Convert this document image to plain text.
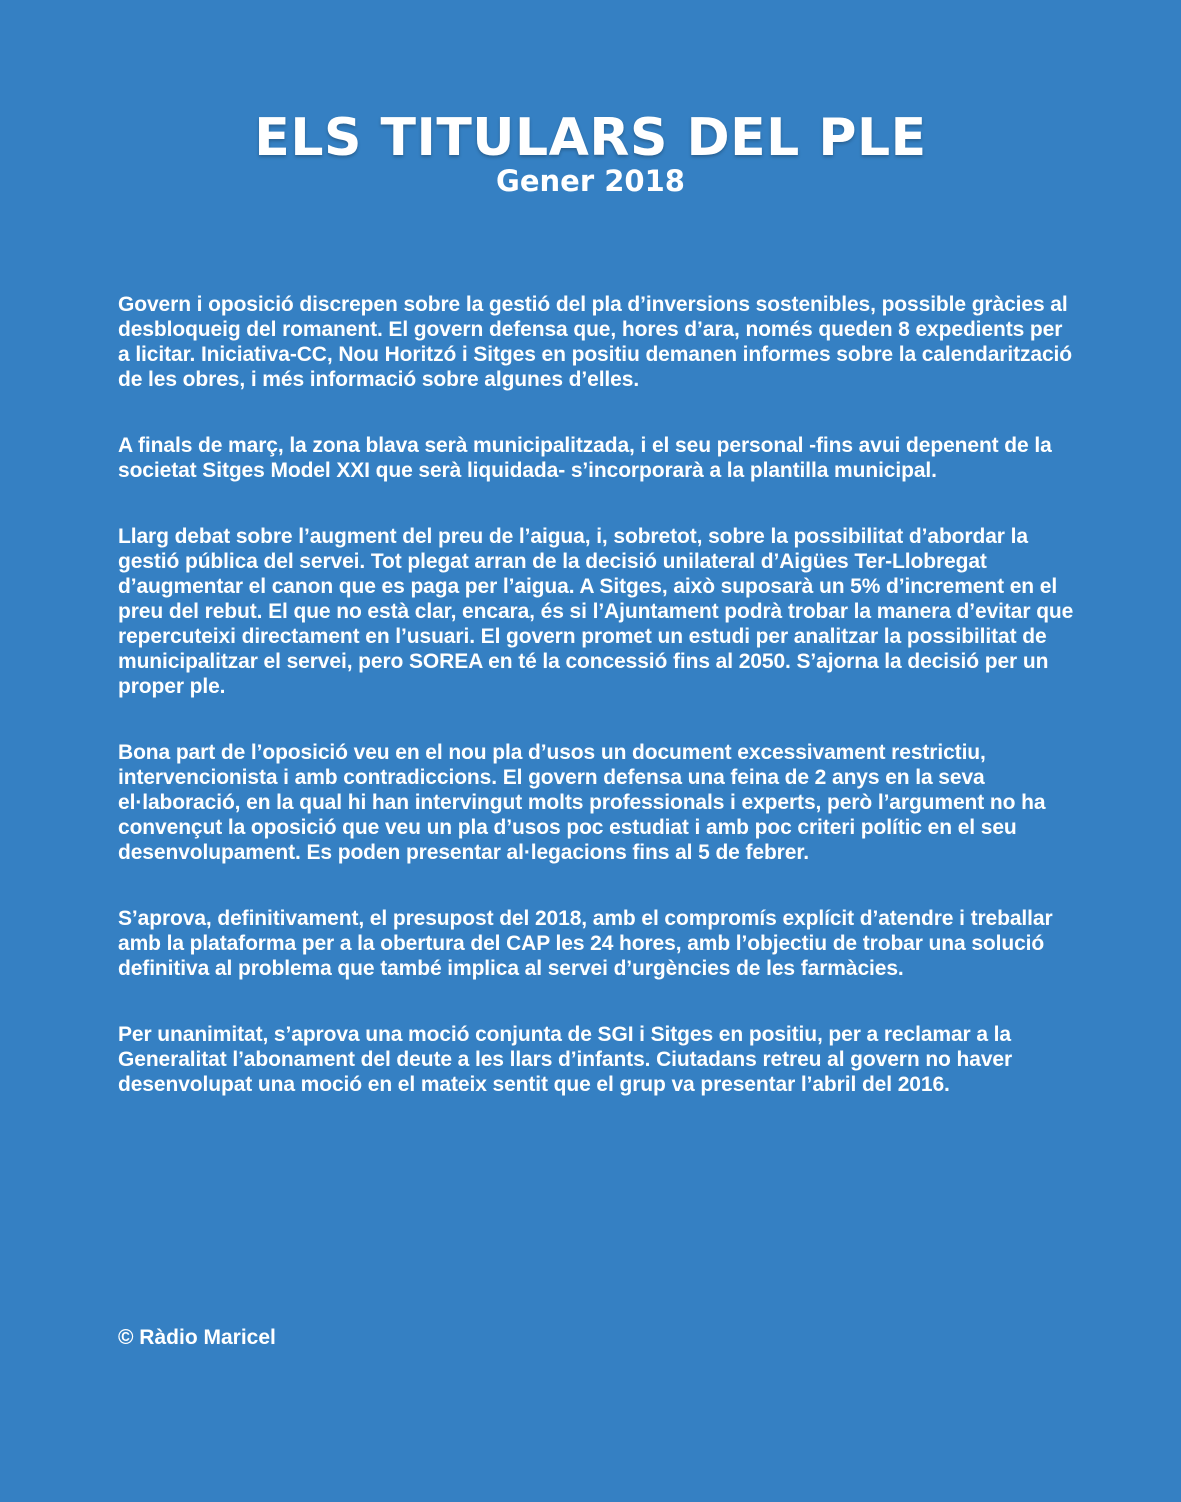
ELS TITULARS DEL PLE
Gener 2018

Govern i oposició discrepen sobre la gestió del pla d’inversions sostenibles, possible gràcies al desbloqueig del romanent. El govern defensa que, hores d’ara, només queden 8 expedients per a licitar. Iniciativa-CC, Nou Horitzó i Sitges en positiu demanen informes sobre la calendarització de les obres, i més informació sobre algunes d’elles.

A finals de març, la zona blava serà municipalitzada, i el seu personal -fins avui depenent de la societat Sitges Model XXI que serà liquidada- s’incorporarà a la plantilla municipal.

Llarg debat sobre l’augment del preu de l’aigua, i, sobretot, sobre la possibilitat d’abordar la gestió pública del servei. Tot plegat arran de la decisió unilateral d’Aigües Ter-Llobregat d’augmentar el canon que es paga per l’aigua. A Sitges, això suposarà un 5% d’increment en el preu del rebut. El que no està clar, encara, és si l’Ajuntament podrà trobar la manera d’evitar que repercuteixi directament en l’usuari. El govern promet un estudi per analitzar la possibilitat de municipalitzar el servei, pero SOREA en té la concessió fins al 2050. S’ajorna la decisió per un proper ple.

Bona part de l’oposició veu en el nou pla d’usos un document excessivament restrictiu, intervencionista i amb contradiccions. El govern defensa una feina de 2 anys en la seva el·laboració, en la qual hi han intervingut molts professionals i experts, però l’argument no ha convençut la oposició que veu un pla d’usos poc estudiat i amb poc criteri polític en el seu desenvolupament. Es poden presentar al·legacions fins al 5 de febrer.

S’aprova, definitivament, el presupost del 2018, amb el compromís explícit d’atendre i treballar amb la plataforma per a la obertura del CAP les 24 hores, amb l’objectiu de trobar una solució definitiva al problema que també implica al servei d’urgències de les farmàcies.

Per unanimitat, s’aprova una moció conjunta de SGI i Sitges en positiu, per a reclamar a la Generalitat l’abonament del deute a les llars d’infants. Ciutadans retreu al govern no haver desenvolupat una moció en el mateix sentit que el grup va presentar l’abril del 2016.

© Ràdio Maricel
